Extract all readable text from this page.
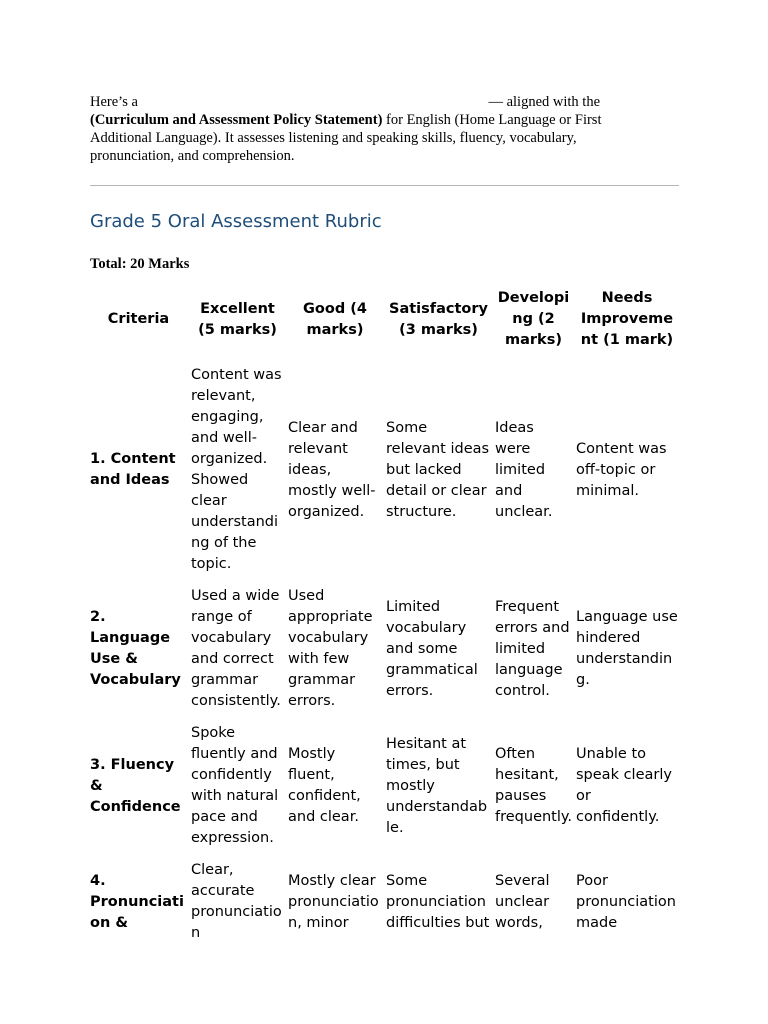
Here’s a	— aligned with the
(Curriculum and Assessment Policy Statement) for English (Home Language or First Additional Language). It assesses listening and speaking skills, fluency, vocabulary, pronunciation, and comprehension.
Grade 5 Oral Assessment Rubric
Total: 20 Marks
Criteria	Excellent (5 marks)	Good (4 marks)	Satisfactory (3 marks)	Developing (2 marks)	Needs Improvement (1 mark)
1. Content and Ideas	Content was relevant, engaging, and well-organized. Showed clear understanding of the topic.	Clear and relevant ideas, mostly well-organized.	Some relevant ideas but lacked detail or clear structure.	Ideas were limited and unclear.	Content was off-topic or minimal.
2. Language Use & Vocabulary	Used a wide range of vocabulary and correct grammar consistently.	Used appropriate vocabulary with few grammar errors.	Limited vocabulary and some grammatical errors.	Frequent errors and limited language control.	Language use hindered understanding.
3. Fluency & Confidence	Spoke fluently and confidently with natural pace and expression.	Mostly fluent, confident, and clear.	Hesitant at times, but mostly understandable.	Often hesitant, pauses frequently.	Unable to speak clearly or confidently.
4. Pronunciation &	Clear, accurate pronunciation	Mostly clear pronunciation, minor	Some pronunciation difficulties but	Several unclear words,	Poor pronunciation made
